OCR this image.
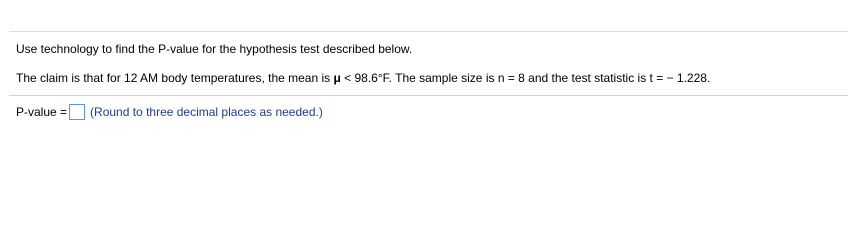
Use technology to find the P-value for the hypothesis test described below.
The claim is that for 12 AM body temperatures, the mean is μ < 98.6°F. The sample size is n = 8 and the test statistic is t = − 1.228.
P-value = (Round to three decimal places as needed.)
